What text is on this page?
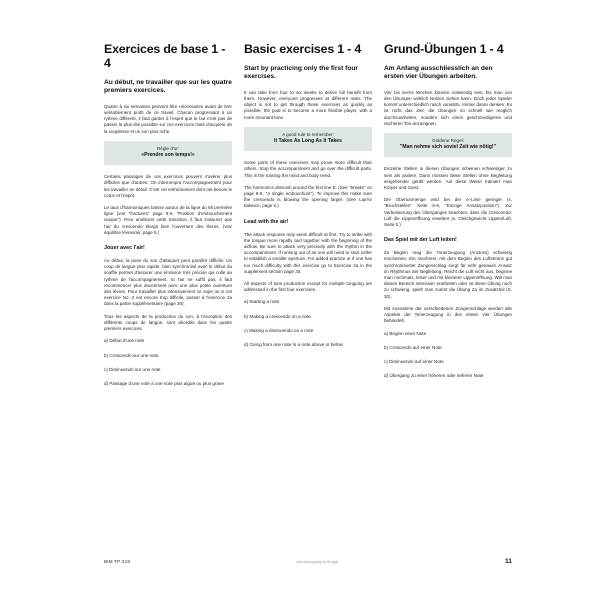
Exercices de base 1 - 4
Au début, ne travailler que sur les quatre premiers exercices.

Quatre à six semaines peuvent être nécessaires avant de tirer véritablement profit de ce travail. Chacun progressant à un rythme différent, il faut garder à l'esprit que le but n'est pas de passer le plus vite possible sur ces exercices mais d'acquérir de la souplesse et un son plus riche.

Règle d'or:
«Prendre son temps!»

Certains passages de ces exercices peuvent s'avérer plus difficiles que d'autres. On interrompra l'accompagnement pour les travailler en détail. C'est cet entraînement dont ont besoin le corps et l'esprit.

Le taux d'harmoniques baisse autour de la ligne du Mi première ligne (voir "fractures" page 8-9, "Position d'embouchement unique"). Pour améliorer cette transition, il faut s'assurer que l'air du crescendo élargit bien l'ouverture des lèvres. (Voir équilibre lèvres/air, page 5.)

Jouer avec l'air!

Au début, la pose du son (l'attaque) peut paraître difficile. Un coup de langue plus rapide, bien synchronisé avec le début du souffle permet d'assurer une émission très précise qui colle au rythme de l'accompagnement. Si l'air ne suffit pas, il faut recommencer plus doucement avec une plus petite ouverture des lèvres. Pour travailler plus intensivement ce sujet ou si cet exercice No. 2 est encore trop difficile, passer à l'exercice 2a dans la partie supplémentaire (page 30).

Tous les aspects de la production du son, à l'exception des différents coups de langue, sont abordés dans les quatre premiers exercices.

a) Début d'une note
b) Crescendo sur une note
c) Diminuendo sur une note
d) Passage d'une note à une note plus aiguë ou plus grave
Basic exercises 1 - 4
Start by practicing only the first four exercises.

It can take from four to six weeks to derive full benefit from them. However, everyone progresses at different rates. The object is not to get through these exercises as quickly as possible; the goal is to become a more flexible player, with a more resonant tone.

A good rule to remember:
It Takes As Long As It Takes

Some parts of these exercises may prove more difficult than others. Stop the accompaniment and go over the difficult parts. This is the training the mind and body need.

The harmonics diminish around the first line E. (See "breaks" on page 8-9, "A single embouchure"). To improve this make sure the crescendo is blowing the opening larger. (See Lip/Air balance, page 5.)

Lead with the air!

The attack response may seem difficult at first. Try to strike with the tongue more rapidly and together with the beginning of the airflow. Be sure to attack very precisely with the rhythm in the accompaniment. If running out of air one will need to start softer to establish a smaller aperture. For added practice or if one has too much difficulty with this exercise go to Exercise 2a in the supplement section page 30.

All aspects of tone production except for multiple tonguing are addressed in the first four exercises.

a) Starting a note
b) Making a crescendo on a note
c) Making a diminuendo on a note
d) Going from one note to a note above or below
Grund-Übungen 1 - 4
Am Anfang ausschliesslich an den ersten vier Übungen arbeiten.

Vier bis sechs Wochen können notwendig sein, bis man von den Übungen wirklich Nutzen ziehen kann. Doch jeder Spieler kommt unterschiedlich rasch vorwärts. Immer daran denken: Es ist nicht das Ziel, die Übungen so schnell wie möglich durchzuarbeiten, sondern sich einen geschmeidigeren und reicheren Ton anzueignen.

Goldene Regel:
"Man nehme sich soviel Zeit wie nötig!"

Einzelne Stellen in diesen Übungen scheinen schwieriger zu sein als andere. Dann müssen diese Stellen ohne Begleitung eingehender geübt werden. Auf diese Weise trainiert man Körper und Geist.

Die Obertonmenge wird bei der e'-Linie geringer (s. "Bruchstellen" Seite 8-9, "Einzige Ansatzposition"). Zur Verbesserung des Überganges beachten, dass die Crescendo-Luft die Lippenöffnung erweitert (s. Gleichgewicht Lippen/Luft, Seite 5.)

Das Spiel mit der Luft leiten!

Zu Beginn mag die Tonerzeugung (Anstoss) schwierig erscheinen. Ein rascherer, mit dem Beginn des Luftstroms gut synchronisierter Zungenschlag sorgt für sehr genauen Ansatz im Rhythmus der Begleitung. Reicht die Luft nicht aus, beginne man nochmals, leiser und mit kleinerer Lippenöffnung. Will man diesen Bereich intensiver erarbeiten oder ist diese Übung noch zu schwierig, spielt man zuerst die Übung 2a im Zusatzteil (S. 30).

Mit Ausnahme der verschiedenen Zungenschläge werden alle Aspekte der Tonerzeugung in den ersten vier Übungen behandelt.

a) Beginn einer Note
b) Crescendo auf einer Note
c) Diminuendo auf einer Note
d) Übergang zu einer höheren oder tieferen Note
BIM TP 218	photocopying is illegal	11
